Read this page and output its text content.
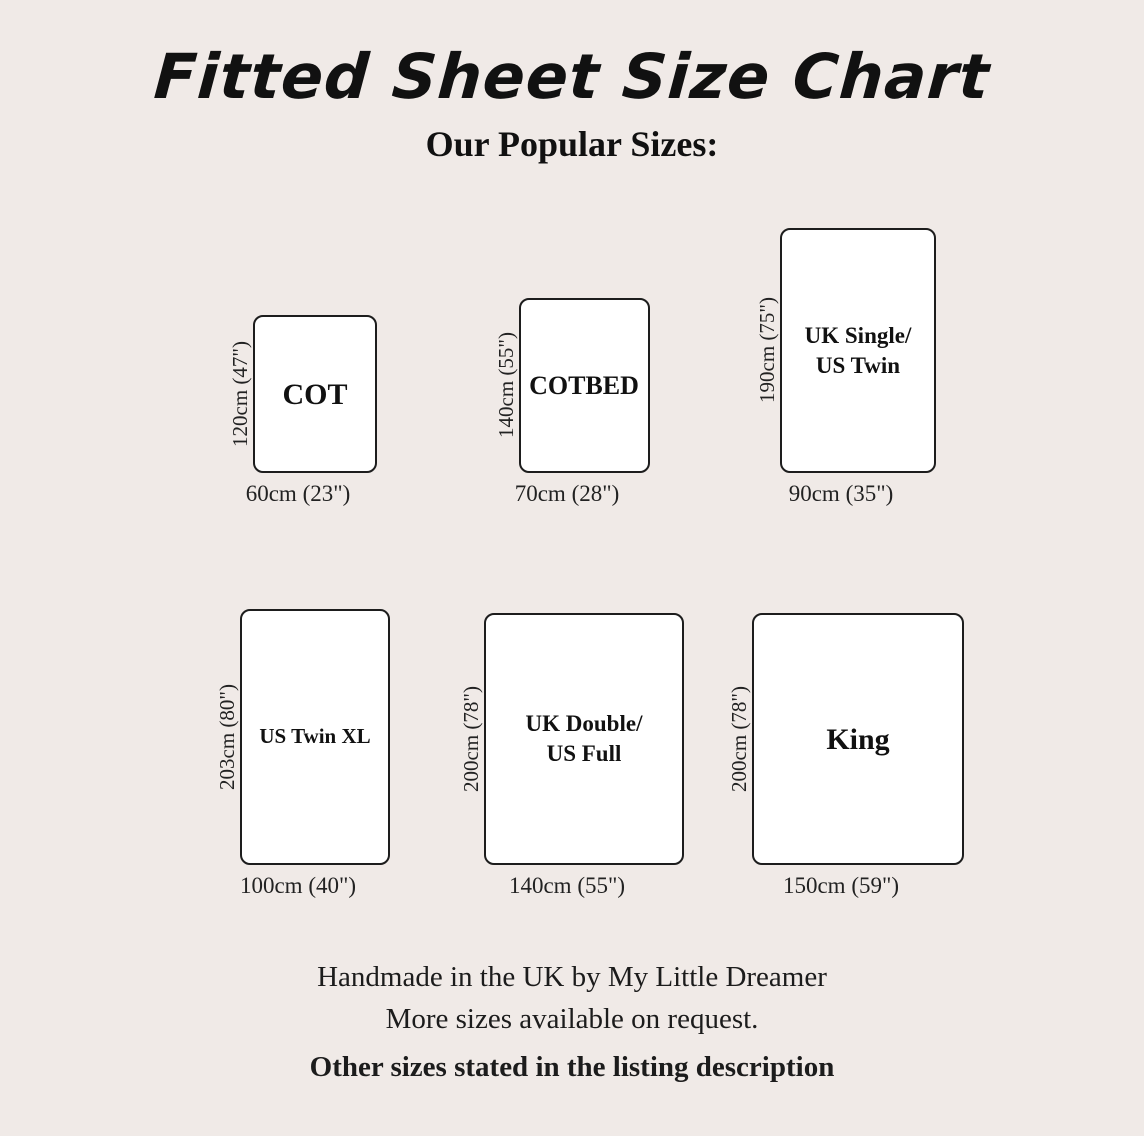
Fitted Sheet Size Chart
Our Popular Sizes:
120cm (47") COT
60cm (23")
140cm (55") COTBED
70cm (28")
190cm (75") UK Single/
US Twin
90cm (35")
203cm (80") US Twin XL
100cm (40")
200cm (78") UK Double/
US Full
140cm (55")
200cm (78")	King
150cm (59")
Handmade in the UK by My Little Dreamer
More sizes available on request.
Other sizes stated in the listing description
